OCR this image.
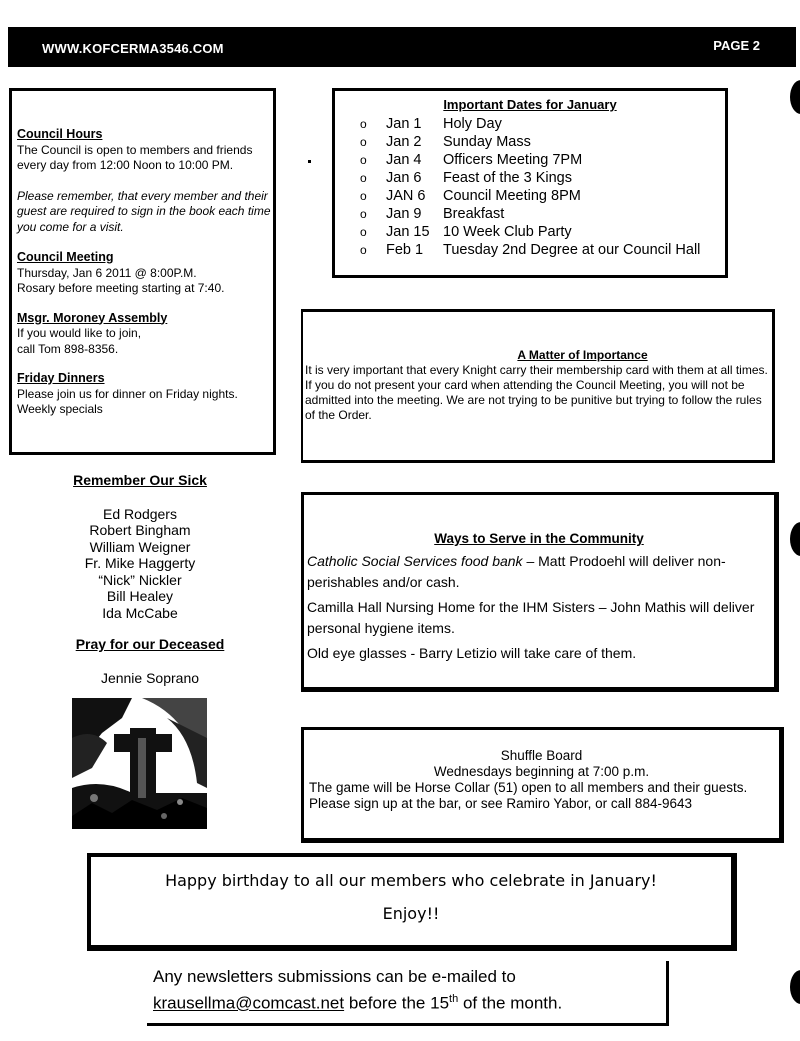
WWW.KOFCERMA3546.COM	PAGE 2
Council Hours

The Council is open to members and friends every day from 12:00 Noon to 10:00 PM.

Please remember, that every member and their guest are required to sign in the book each time you come for a visit.

Council Meeting

Thursday, Jan 6 2011 @ 8:00P.M.

Rosary before meeting starting at 7:40.

Msgr. Moroney Assembly

If you would like to join,

call Tom 898-8356.

Friday Dinners

Please join us for dinner on Friday nights.

Weekly specials

Important Dates for January
o Jan 1 Holy Day
o Jan 2 Sunday Mass
o Jan 4 Officers Meeting 7PM
o Jan 6 Feast of the 3 Kings
o JAN 6 Council Meeting 8PM
o Jan 9 Breakfast
o Jan 15 10 Week Club Party
o Feb 1 Tuesday 2nd Degree at our Council Hall
A Matter of Importance

It is very important that every Knight carry their membership card with them at all times. If you do not present your card when attending the Council Meeting, you will not be admitted into the meeting. We are not trying to be punitive but trying to follow the rules of the Order.

Remember Our Sick
Ed Rodgers
Robert Bingham
William Weigner
Fr. Mike Haggerty
“Nick” Nickler
Bill Healey
Ida McCabe
Pray for our Deceased
Jennie Soprano
Ways to Serve in the Community

Catholic Social Services food bank – Matt Prodoehl will deliver non-perishables and/or cash.

Camilla Hall Nursing Home for the IHM Sisters – John Mathis will deliver personal hygiene items.

Old eye glasses - Barry Letizio will take care of them.

Shuffle Board
Wednesdays beginning at 7:00 p.m.
The game will be Horse Collar (51) open to all members and their guests.
Please sign up at the bar, or see Ramiro Yabor, or call 884-9643
Happy birthday to all our members who celebrate in January!
Enjoy!!
Any newsletters submissions can be e-mailed to
krausellma@comcast.net before the 15th of the month.
